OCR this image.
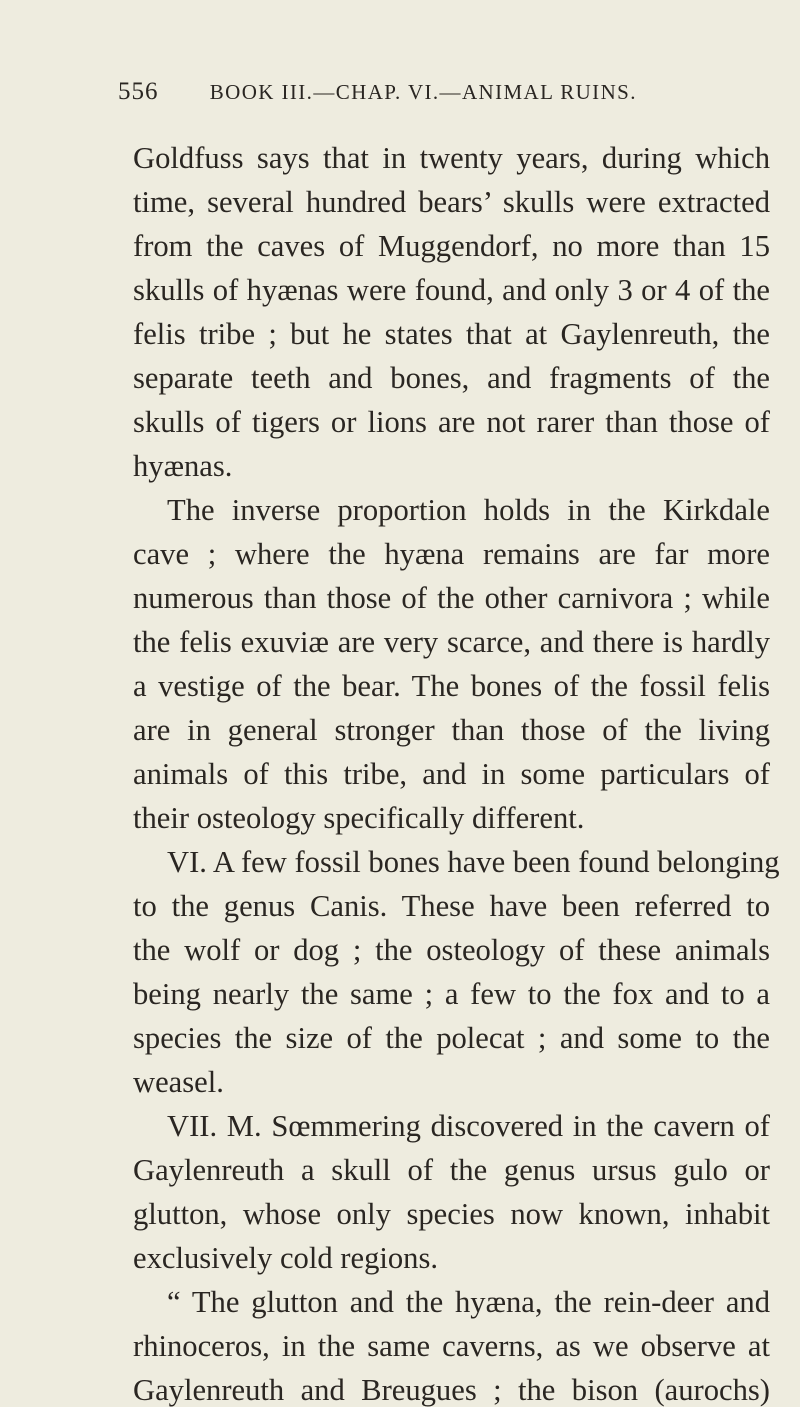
556 BOOK III.—CHAP. VI.—ANIMAL RUINS.
Goldfuss says that in twenty years, during which
time, several hundred bears’ skulls were extracted
from the caves of Muggendorf, no more than 15
skulls of hyænas were found, and only 3 or 4 of the
felis tribe ; but he states that at Gaylenreuth, the
separate teeth and bones, and fragments of the
skulls of tigers or lions are not rarer than those of
hyænas.
The inverse proportion holds in the Kirkdale
cave ; where the hyæna remains are far more
numerous than those of the other carnivora ; while
the felis exuviæ are very scarce, and there is hardly
a vestige of the bear. The bones of the fossil felis
are in general stronger than those of the living
animals of this tribe, and in some particulars of
their osteology specifically different.
VI. A few fossil bones have been found belonging
to the genus Canis. These have been referred to
the wolf or dog ; the osteology of these animals
being nearly the same ; a few to the fox and to a
species the size of the polecat ; and some to the
weasel.
VII. M. Sœmmering discovered in the cavern of
Gaylenreuth a skull of the genus ursus gulo or
glutton, whose only species now known, inhabit
exclusively cold regions.
“ The glutton and the hyæna, the rein-deer and
rhinoceros, in the same caverns, as we observe at
Gaylenreuth and Breugues ; the bison (aurochs)
